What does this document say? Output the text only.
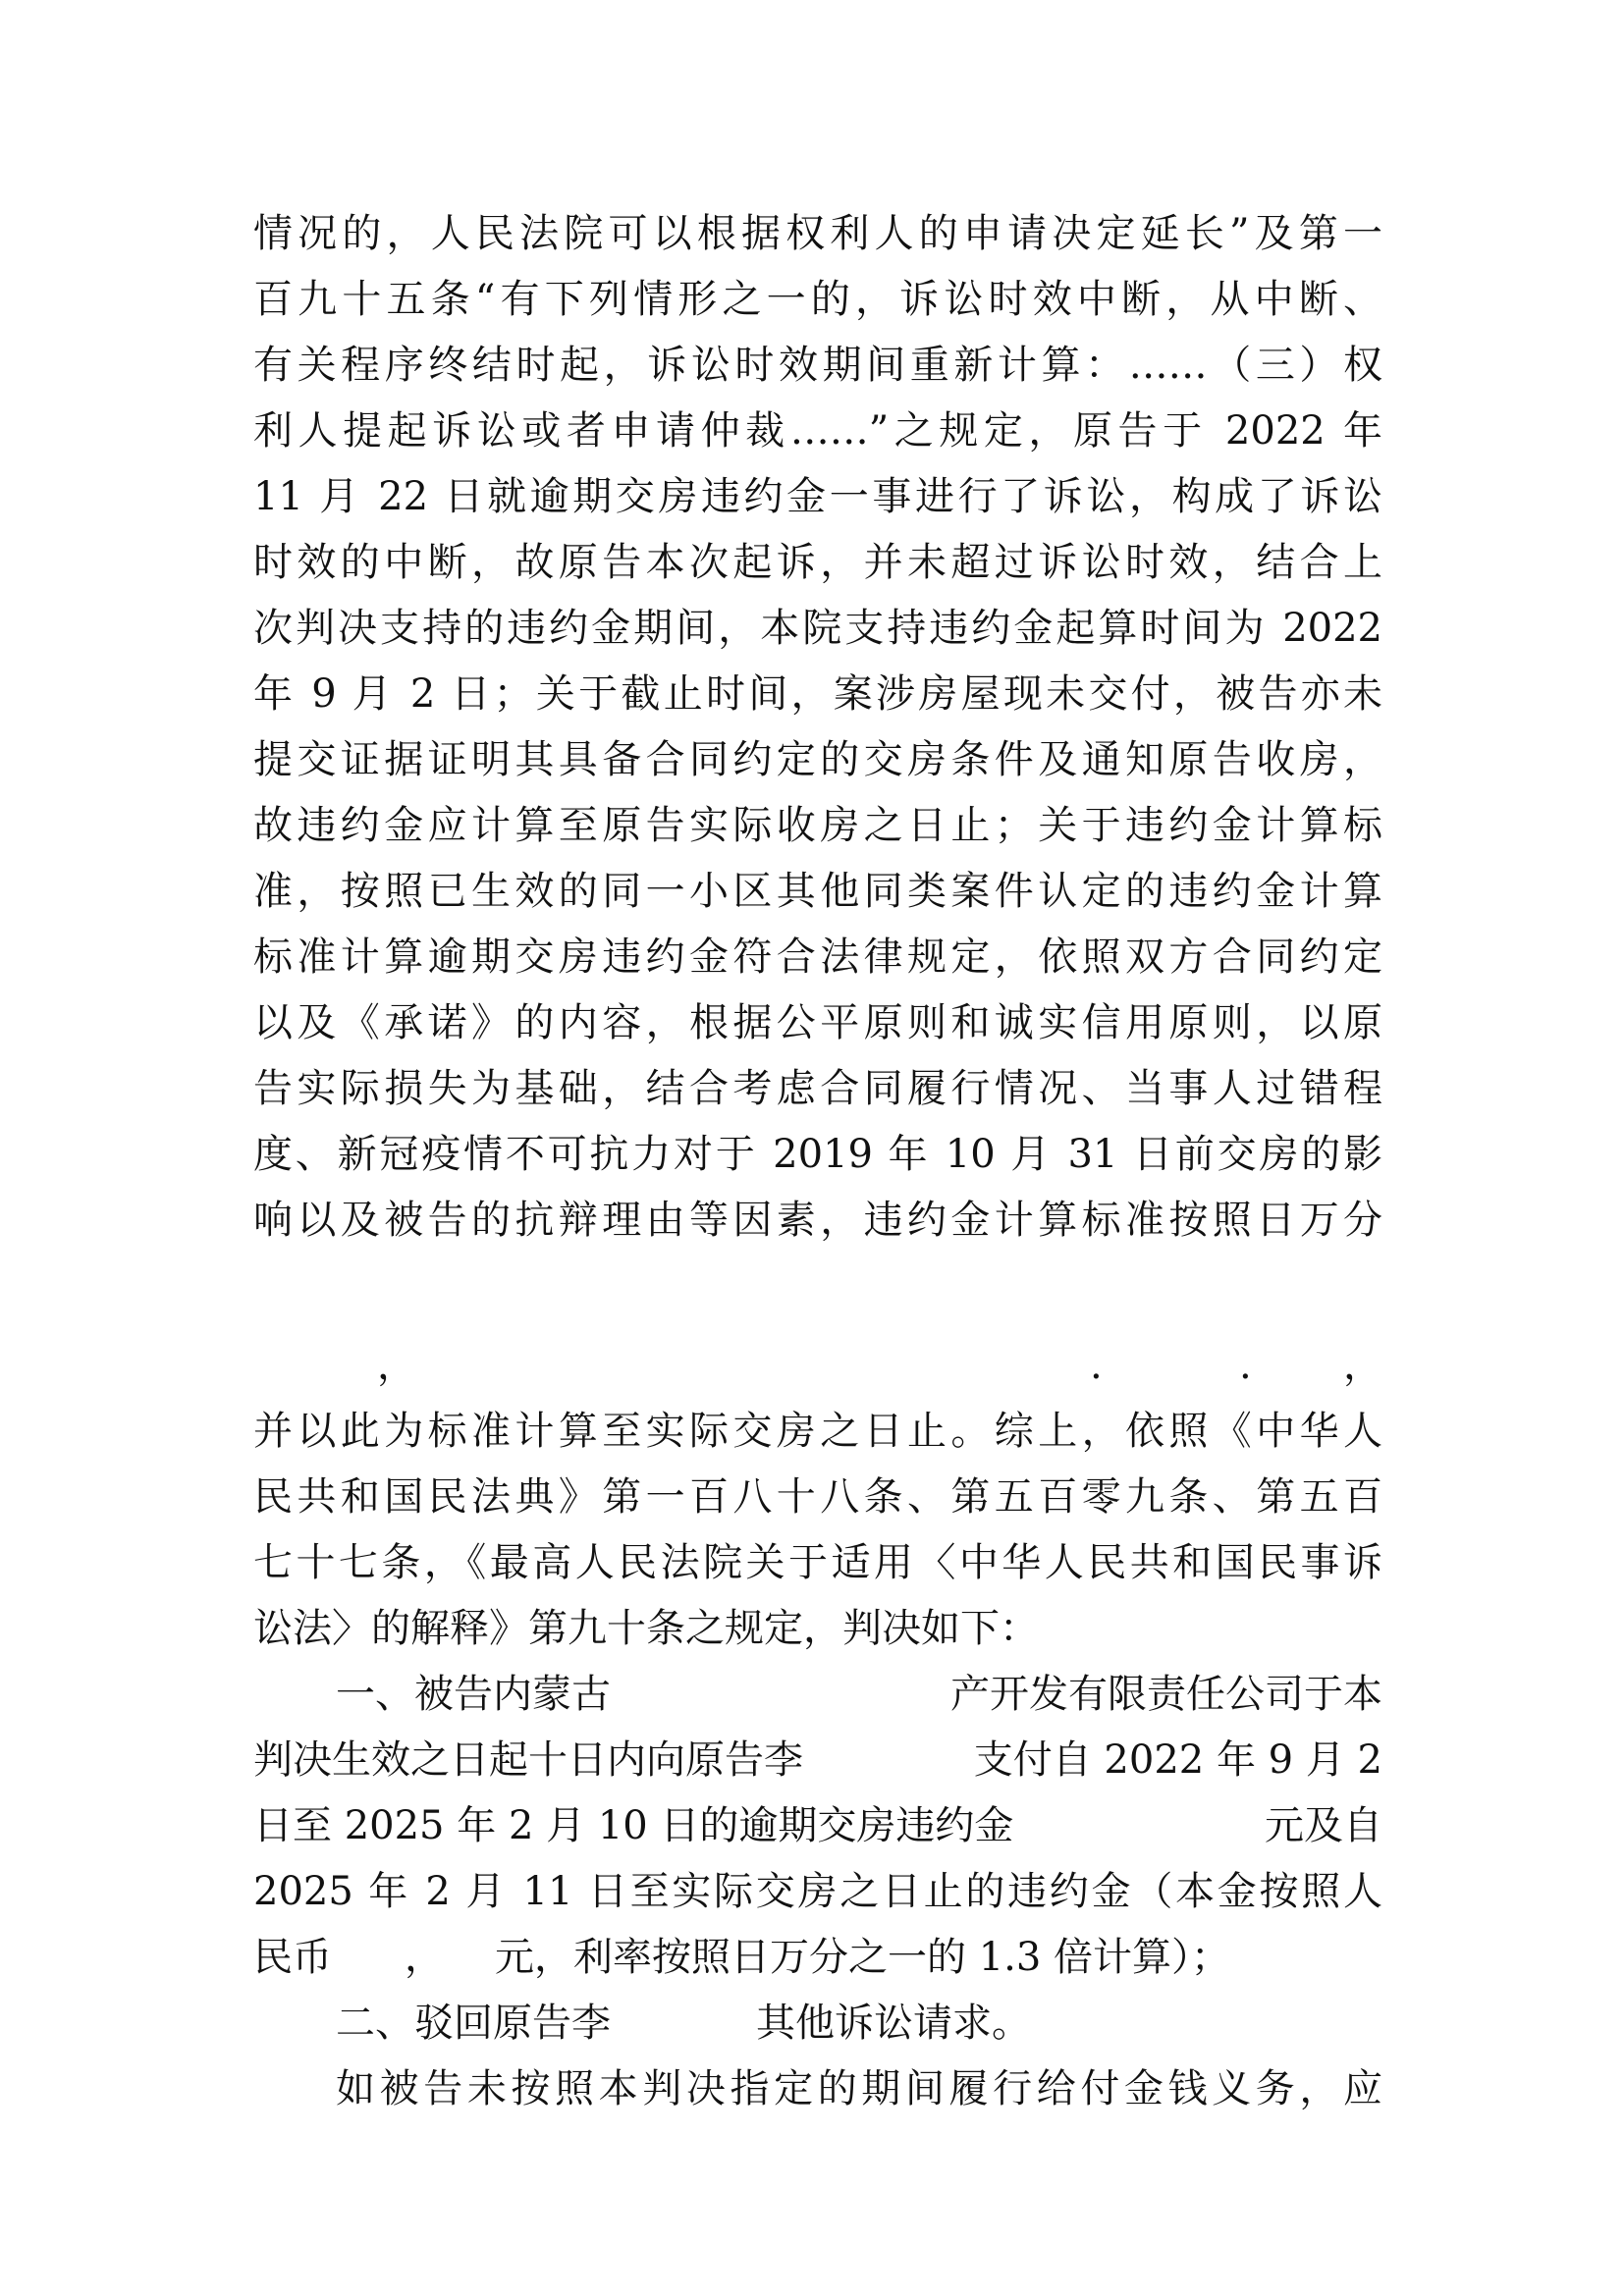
情况的，人民法院可以根据权利人的申请决定延长”及第一
百九十五条“有下列情形之一的，诉讼时效中断，从中断、
有关程序终结时起，诉讼时效期间重新计算：……（三）权
利人提起诉讼或者申请仲裁……”之规定，原告于 2022 年
11 月 22 日就逾期交房违约金一事进行了诉讼，构成了诉讼
时效的中断，故原告本次起诉，并未超过诉讼时效，结合上
次判决支持的违约金期间，本院支持违约金起算时间为 2022
年 9 月 2 日；关于截止时间，案涉房屋现未交付，被告亦未
提交证据证明其具备合同约定的交房条件及通知原告收房，
故违约金应计算至原告实际收房之日止；关于违约金计算标
准，按照已生效的同一小区其他同类案件认定的违约金计算
标准计算逾期交房违约金符合法律规定，依照双方合同约定
以及《承诺》的内容，根据公平原则和诚实信用原则，以原
告实际损失为基础，结合考虑合同履行情况、当事人过错程
度、新冠疫情不可抗力对于 2019 年 10 月 31 日前交房的影
响以及被告的抗辩理由等因素，违约金计算标准按照日万分
，	.	. ，
并以此为标准计算至实际交房之日止。综上，依照《中华人
民共和国民法典》第一百八十八条、第五百零九条、第五百
七十七条，《最高人民法院关于适用〈中华人民共和国民事诉
讼法〉的解释》第九十条之规定，判决如下：
一、被告内蒙古	产开发有限责任公司于本
判决生效之日起十日内向原告李	支付自 2022 年 9 月 2
日至 2025 年 2 月 10 日的逾期交房违约金	元及自
2025 年 2 月 11 日至实际交房之日止的违约金（本金按照人
民币 ， 元，利率按照日万分之一的 1.3 倍计算）；
二、驳回原告李	其他诉讼请求。
如被告未按照本判决指定的期间履行给付金钱义务，应
